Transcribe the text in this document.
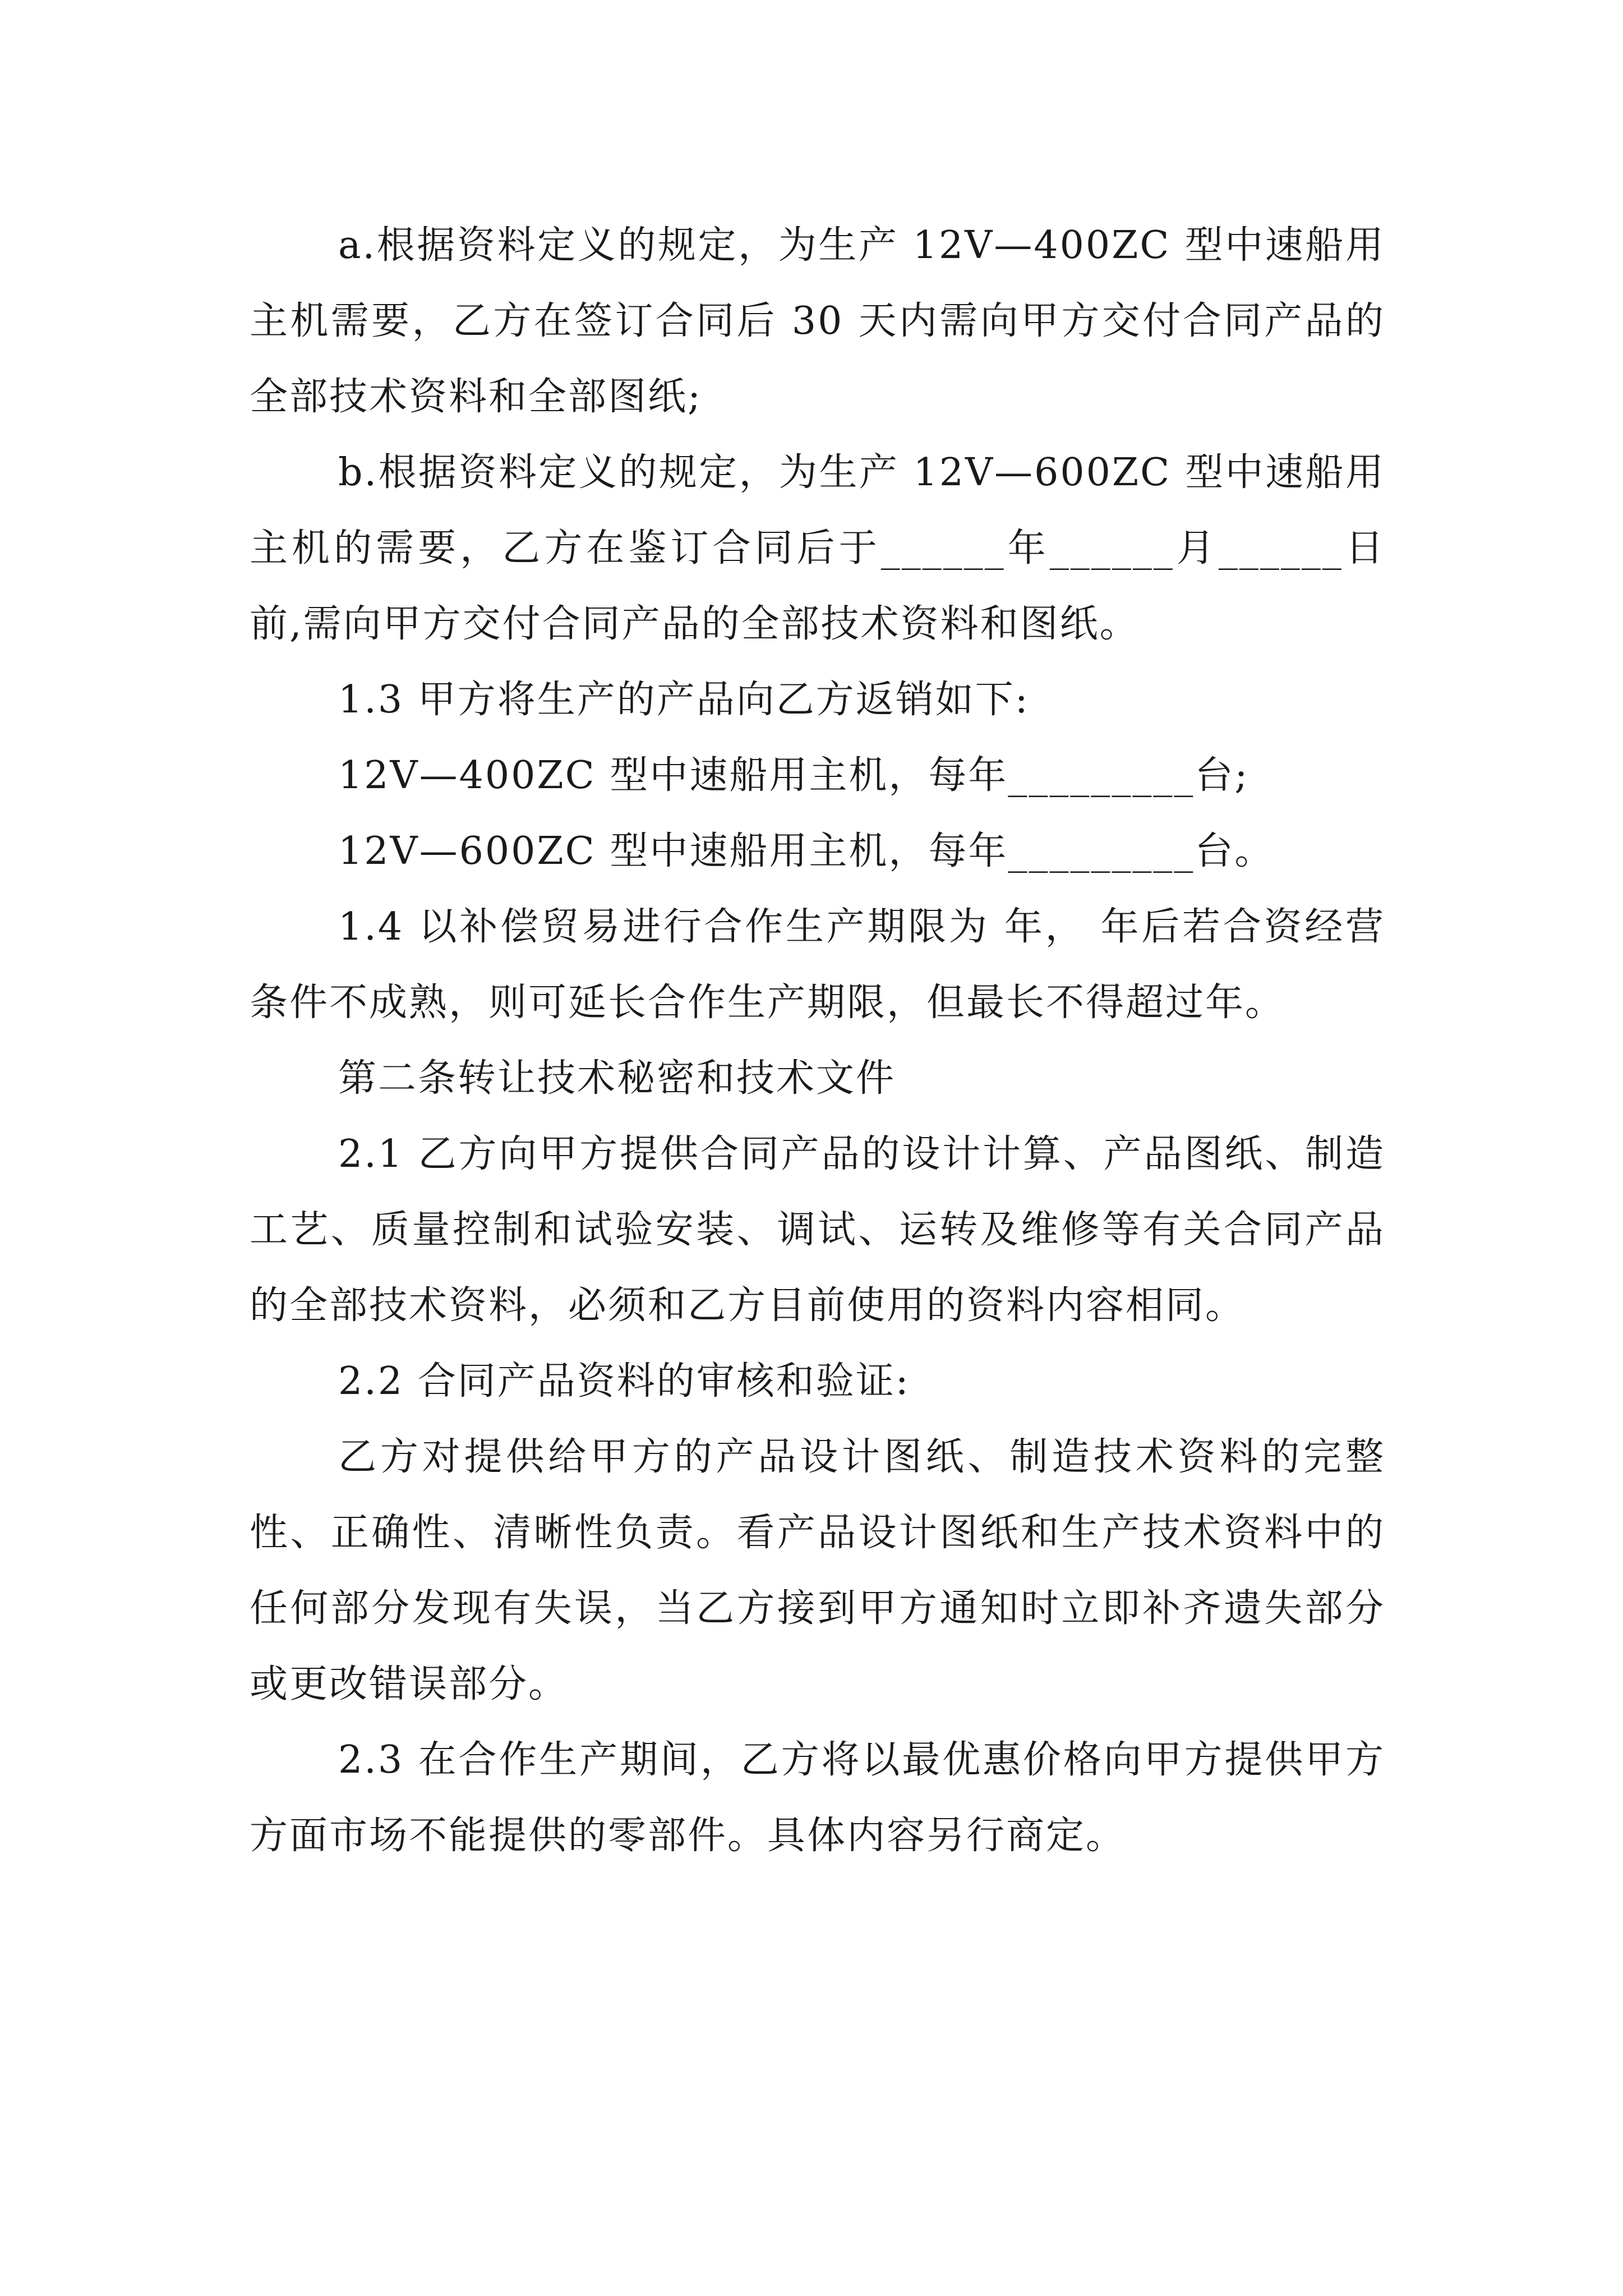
a.根据资料定义的规定，为生产 12V—400ZC 型中速船用主机需要，乙方在签订合同后 30 天内需向甲方交付合同产品的全部技术资料和全部图纸;

b.根据资料定义的规定，为生产 12V—600ZC 型中速船用主机的需要，乙方在鉴订合同后于______年______月______日前,需向甲方交付合同产品的全部技术资料和图纸。

1.3 甲方将生产的产品向乙方返销如下:

12V—400ZC 型中速船用主机，每年_________台;

12V—600ZC 型中速船用主机，每年_________台。

1.4 以补偿贸易进行合作生产期限为 年， 年后若合资经营条件不成熟，则可延长合作生产期限，但最长不得超过年。

第二条转让技术秘密和技术文件

2.1 乙方向甲方提供合同产品的设计计算、产品图纸、制造工艺、质量控制和试验安装、调试、运转及维修等有关合同产品的全部技术资料，必须和乙方目前使用的资料内容相同。

2.2 合同产品资料的审核和验证:

乙方对提供给甲方的产品设计图纸、制造技术资料的完整性、正确性、清晰性负责。看产品设计图纸和生产技术资料中的任何部分发现有失误，当乙方接到甲方通知时立即补齐遗失部分或更改错误部分。

2.3 在合作生产期间，乙方将以最优惠价格向甲方提供甲方方面市场不能提供的零部件。具体内容另行商定。
